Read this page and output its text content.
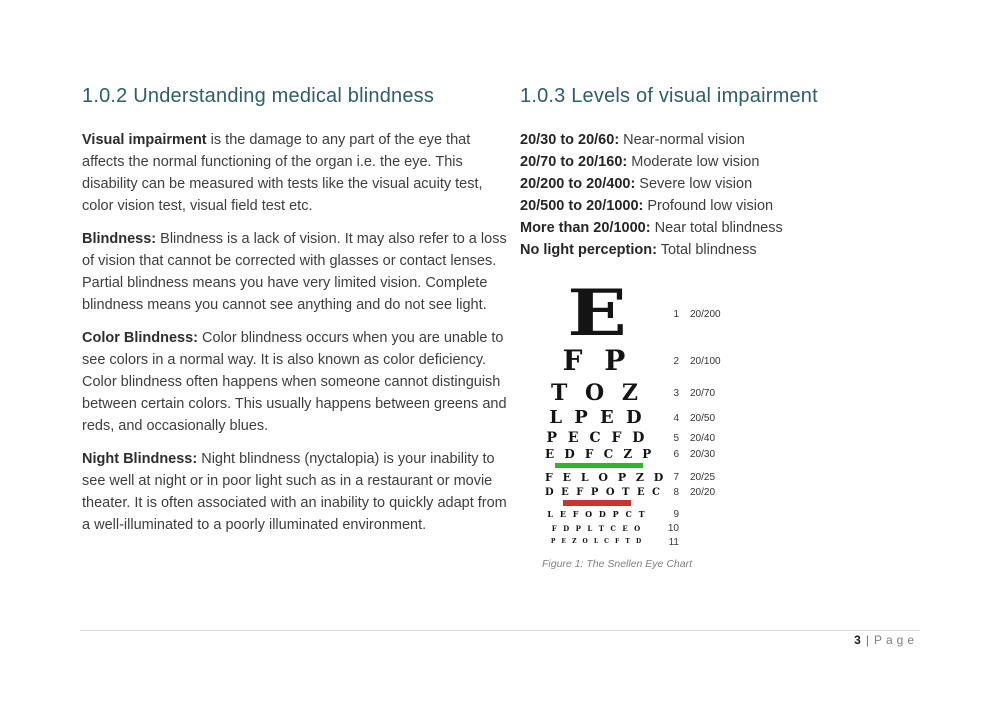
1.0.2 Understanding medical blindness

Visual impairment is the damage to any part of the eye that affects the normal functioning of the organ i.e. the eye. This disability can be measured with tests like the visual acuity test, color vision test, visual field test etc.

Blindness: Blindness is a lack of vision. It may also refer to a loss of vision that cannot be corrected with glasses or contact lenses. Partial blindness means you have very limited vision. Complete blindness means you cannot see anything and do not see light.

Color Blindness: Color blindness occurs when you are unable to see colors in a normal way. It is also known as color deficiency. Color blindness often happens when someone cannot distinguish between certain colors. This usually happens between greens and reds, and occasionally blues.

Night Blindness: Night blindness (nyctalopia) is your inability to see well at night or in poor light such as in a restaurant or movie theater. It is often associated with an inability to quickly adapt from a well-illuminated to a poorly illuminated environment.

1.0.3 Levels of visual impairment
20/30 to 20/60: Near-normal vision
20/70 to 20/160: Moderate low vision
20/200 to 20/400: Severe low vision
20/500 to 20/1000: Profound low vision
More than 20/1000: Near total blindness
No light perception: Total blindness
E	1 20/200
F P	2 20/100
T O Z	3 20/70
L P E D	4 20/50
P E C F D	5 20/40
E D F C Z P	6 20/30
F E L O P Z D 7 20/25
D E F P O T E C	8 20/20
L E F O D P C T	9
F D P L T C E O	10
P E Z O L C F T D	11
Figure 1: The Snellen Eye Chart
3 | Page
